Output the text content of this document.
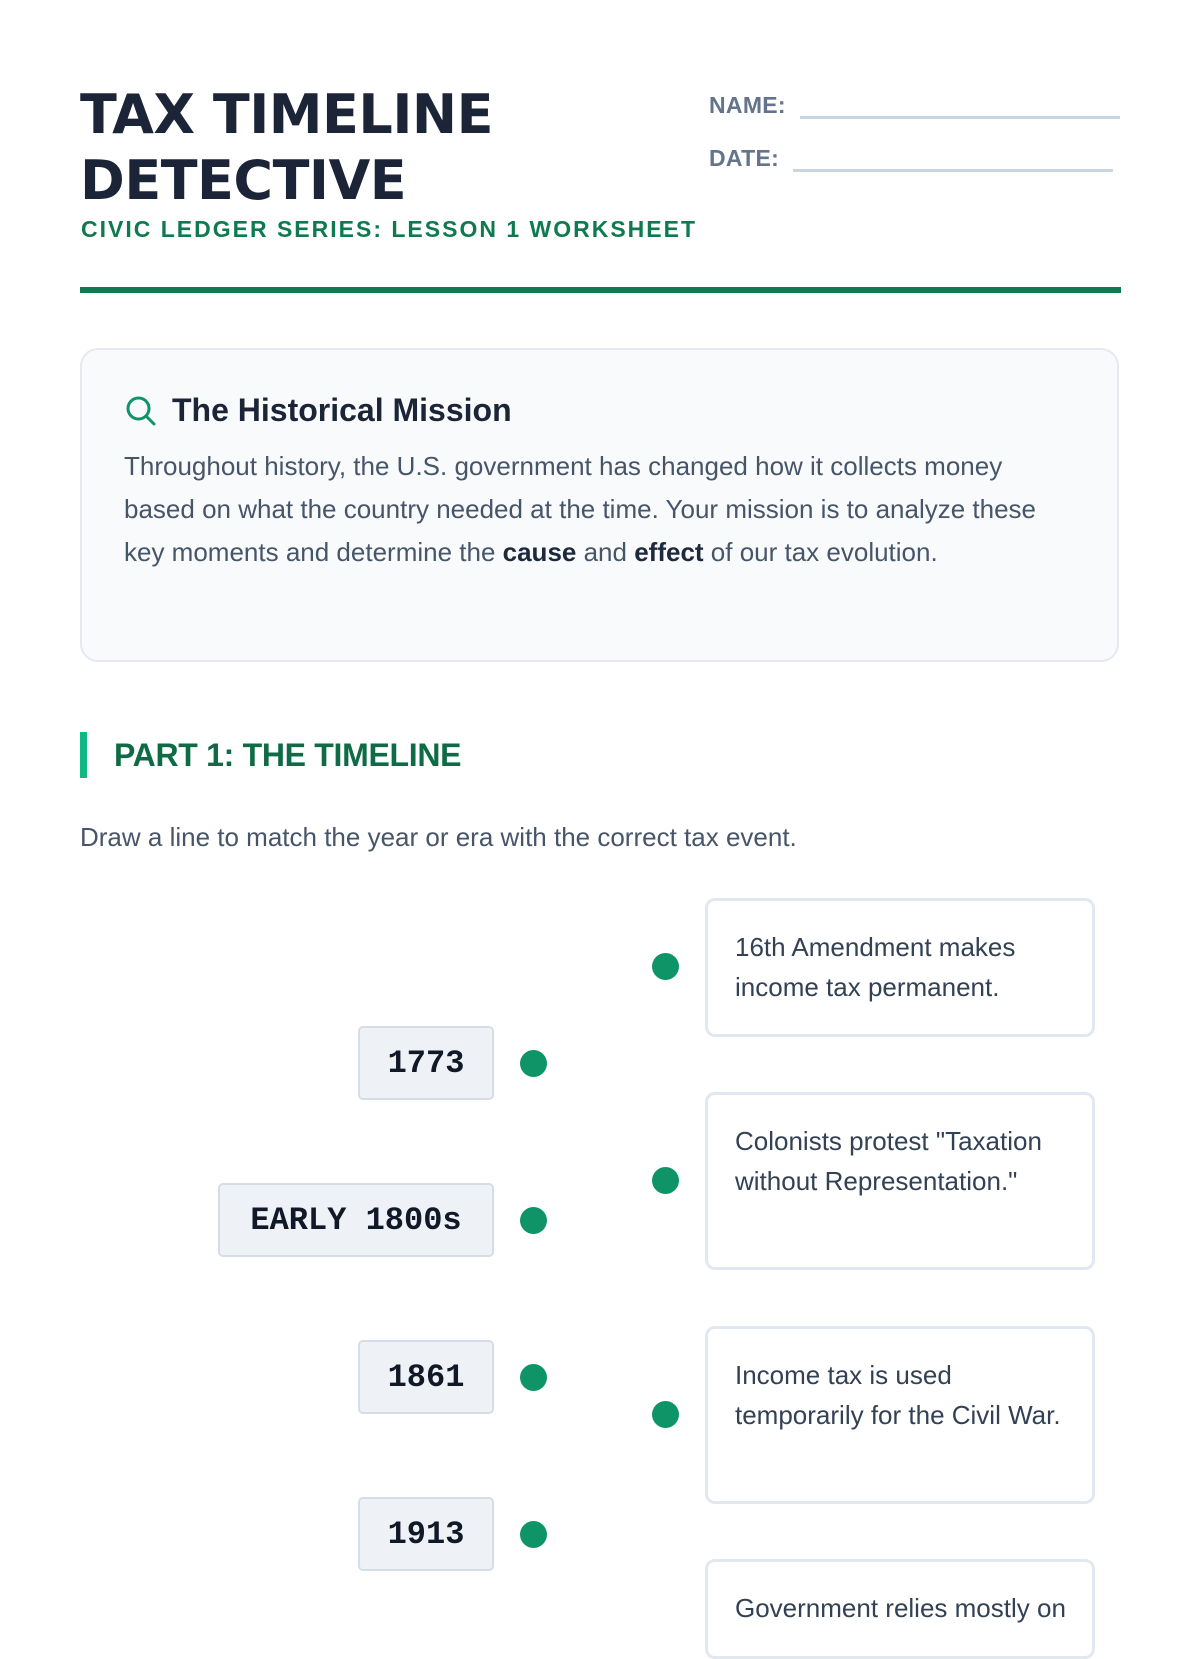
TAX TIMELINE
DETECTIVE
CIVIC LEDGER SERIES: LESSON 1 WORKSHEET
NAME:
DATE:
The Historical Mission
Throughout history, the U.S. government has changed how it collects money based on what the country needed at the time. Your mission is to analyze these key moments and determine the cause and effect of our tax evolution.
PART 1: THE TIMELINE
Draw a line to match the year or era with the correct tax event.
1773
EARLY 1800s
1861
1913
16th Amendment makes income tax permanent.
Colonists protest "Taxation without Representation."
Income tax is used temporarily for the Civil War.
Government relies mostly on
